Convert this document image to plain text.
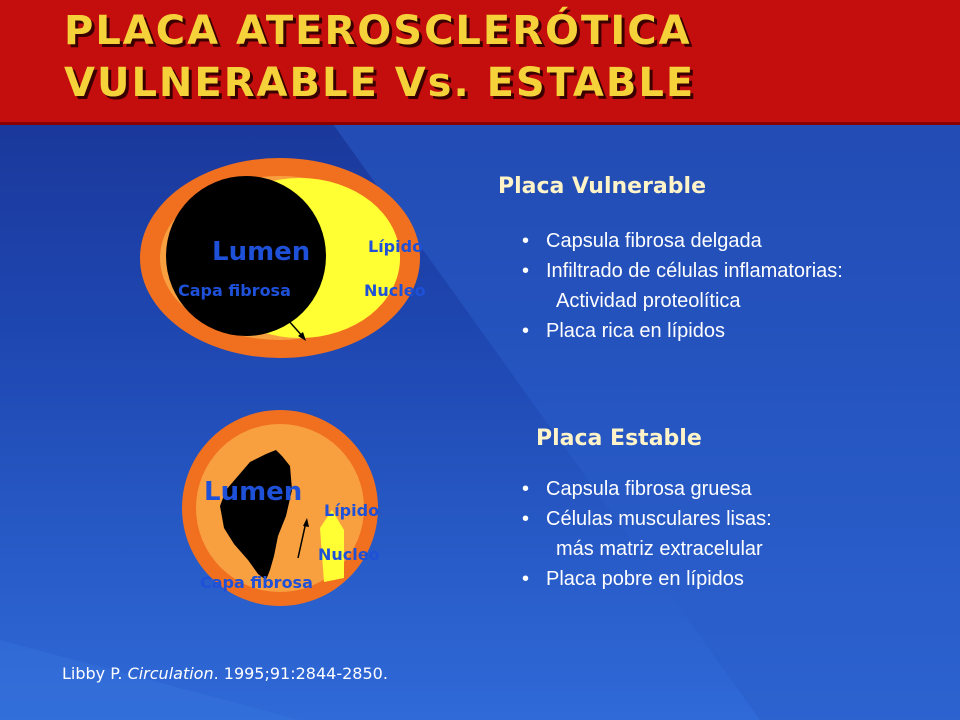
PLACA ATEROSCLERÓTICA
VULNERABLE Vs. ESTABLE
Lumen	Lípido
Nucleo
Capa fibrosa
Lumen
Lípido
Nucleo
Capa fibrosa
Placa Vulnerable
• Capsula fibrosa delgada
• Infiltrado de células inflamatorias:
Actividad proteolítica
• Placa rica en lípidos
Placa Estable
• Capsula fibrosa gruesa
• Células musculares lisas:
más matriz extracelular
• Placa pobre en lípidos
Libby P. Circulation. 1995;91:2844-2850.
